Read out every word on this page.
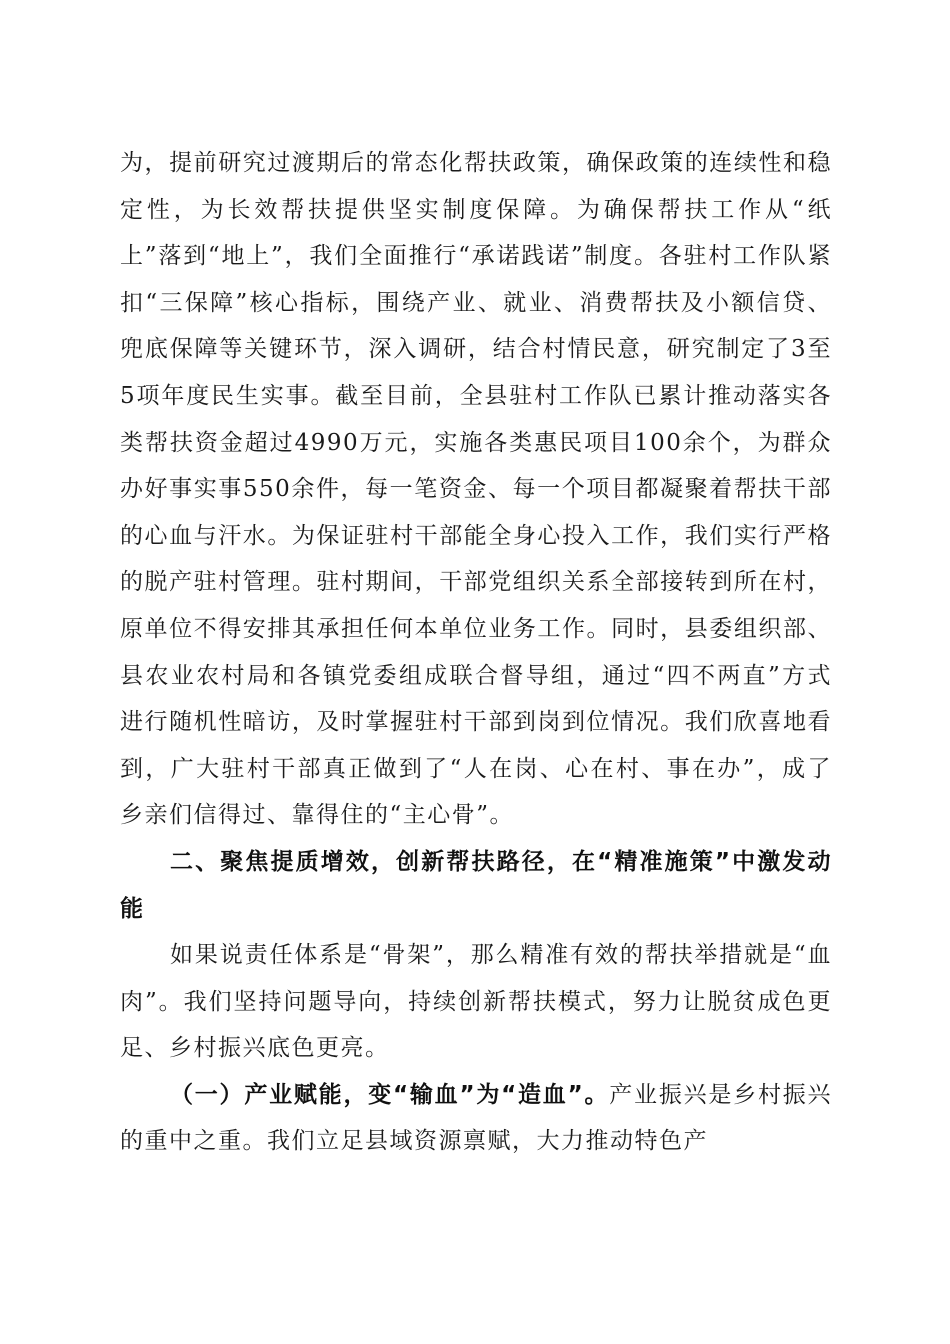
为，提前研究过渡期后的常态化帮扶政策，确保政策的连续性和稳定性，为长效帮扶提供坚实制度保障。为确保帮扶工作从“纸上”落到“地上”，我们全面推行“承诺践诺”制度。各驻村工作队紧扣“三保障”核心指标，围绕产业、就业、消费帮扶及小额信贷、兜底保障等关键环节，深入调研，结合村情民意，研究制定了3至5项年度民生实事。截至目前，全县驻村工作队已累计推动落实各类帮扶资金超过4990万元，实施各类惠民项目100余个，为群众办好事实事550余件，每一笔资金、每一个项目都凝聚着帮扶干部的心血与汗水。为保证驻村干部能全身心投入工作，我们实行严格的脱产驻村管理。驻村期间，干部党组织关系全部接转到所在村，原单位不得安排其承担任何本单位业务工作。同时，县委组织部、县农业农村局和各镇党委组成联合督导组，通过“四不两直”方式进行随机性暗访，及时掌握驻村干部到岗到位情况。我们欣喜地看到，广大驻村干部真正做到了“人在岗、心在村、事在办”，成了乡亲们信得过、靠得住的“主心骨”。

二、聚焦提质增效，创新帮扶路径，在“精准施策”中激发动能

如果说责任体系是“骨架”，那么精准有效的帮扶举措就是“血肉”。我们坚持问题导向，持续创新帮扶模式，努力让脱贫成色更足、乡村振兴底色更亮。

（一）产业赋能，变“输血”为“造血”。产业振兴是乡村振兴的重中之重。我们立足县域资源禀赋，大力推动特色产
